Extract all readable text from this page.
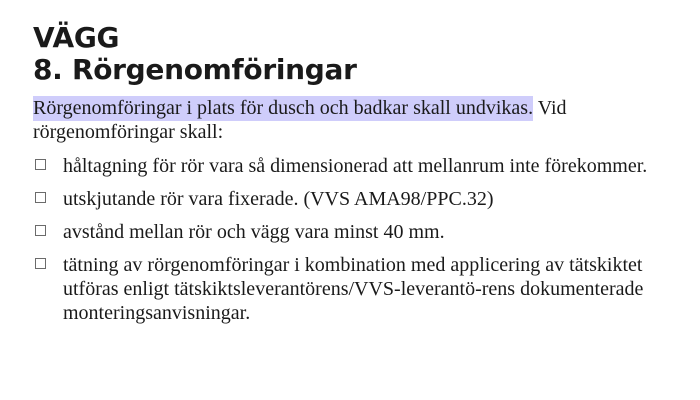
VÄGG
8. Rörgenomföringar
Rörgenomföringar i plats för dusch och badkar skall undvikas. Vid rörgenomföringar skall:
håltagning för rör vara så dimensionerad att mellanrum inte förekommer.
utskjutande rör vara fixerade. (VVS AMA98/PPC.32)
avstånd mellan rör och vägg vara minst 40 mm.
tätning av rörgenomföringar i kombination med applicering av tätskiktet utföras enligt tätskiktsleverantörens/VVS-leverantö-rens dokumenterade monteringsanvisningar.
